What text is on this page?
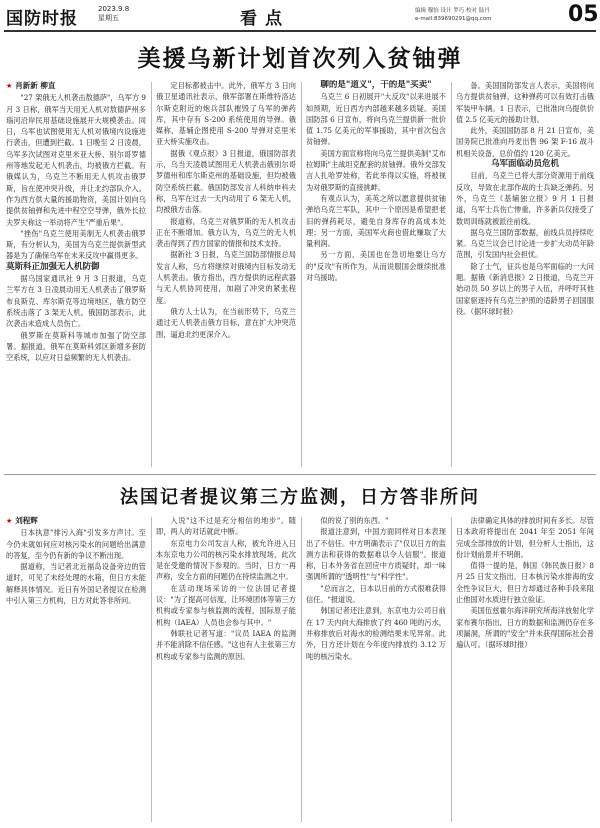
国防时报	2023.9.8
星期五	看点	编辑 穆怡 设计 罗巧 校对 陆丹
e-mail:839690291@qq.com	05
美援乌新计划首次列入贫铀弹
★ 肖新新 柳直

"27 架俄无人机袭击敖德萨"，乌军方 9 月 3 日称，俄军当天用无人机对敖德萨州多瑙河沿岸民用基础设施展开大规模袭击。同日，乌军也试图使用无人机对俄境内设施进行袭击，但遭到拦截。1 日晚至 2 日凌晨，乌军多次试图对克里米亚大桥、别尔哥罗德州等地发起无人机袭击，均被俄方拦截。有俄媒认为，乌克兰不断用无人机攻击俄罗斯，旨在使冲突升级，并让北约部队介入。作为西方供大量的援助物资，美国计划向乌提供贫铀弹和先进中程空空导弹，俄外长拉夫罗夫称这一举动将产生"严重后果"。

"挫伤"乌克兰使用美制无人机袭击俄罗斯，有分析认为，美国为乌克兰提供新型武器是为了确保乌军在未来反攻中赢得更多。

莫斯科正加强无人机防御

据乌国家通讯社 9 月 3 日报道，乌克兰军方在 3 日凌晨动用无人机袭击了俄罗斯布良斯克、库尔斯克等边境地区，俄方防空系统击落了 3 架无人机。俄国防部表示，此次袭击未造成人员伤亡。

俄罗斯在莫斯科等城市加强了防空部署。据报道，俄军在莫斯科郊区新增多套防空系统，以应对日益频繁的无人机袭击。

定目标都被击中。此外，俄军方 3 日向俄卫星通讯社表示，俄军部署在斯维特洛达尔斯克附近的炮兵部队摧毁了乌军的弹药库，其中存有 S-200 系统使用的导弹。俄媒称，基辅企图使用 S-200 导弹对克里米亚大桥实施攻击。

据俄《观点报》3 日报道，俄国防部表示，乌当天凌晨试图用无人机袭击俄别尔哥罗德州和库尔斯克州的基础设施，但均被俄防空系统拦截。俄国防部发言人科纳申科夫称，乌军在过去一天内动用了 6 架无人机，均被俄方击落。

报道称，乌克兰对俄罗斯的无人机攻击正在不断增加。俄方认为，乌克兰的无人机袭击得到了西方国家的情报和技术支持。

据新社 3 日报，乌克兰国防部情报总局发言人称，乌方将继续对俄境内目标发动无人机袭击。俄方指出，西方提供的远程武器与无人机协同使用，加剧了冲突的紧张程度。

俄方人士认为，在当前形势下，乌克兰通过无人机袭击俄方目标，意在扩大冲突范围，逼迫北约更深介入。

聊的是"道义"，干的是"买卖"

乌克兰 6 日初展开"大反攻"以来进展不如预期，近日西方内部越来越多质疑。美国国防部 6 日宣布，将向乌克兰提供新一批价值 1.75 亿美元的军事援助，其中首次包含贫铀弹。

美国方面宣称将向乌克兰提供美制"艾布拉姆斯"主战坦克配套的贫铀弹。俄外交部发言人扎哈罗娃称，若此举得以实施，将被视为对俄罗斯的直接挑衅。

有观点认为，美英之所以愿意提供贫铀弹给乌克兰军队，其中一个原因是希望把老旧的弹药耗尽，避免自身库存的高成本处理；另一方面，美国军火商也借此赚取了大量利润。

另一方面，美国也在急切地要让乌方的"反攻"有所作为，从而说服国会继续批准对乌援助。

备。美国国防部发言人表示，美国将向乌方提供贫铀弹，这种弹药可以有效打击俄军装甲车辆。1 日表示，已批准向乌提供价值 2.5 亿美元的援助计划。

此外，美国国防部 8 月 21 日宣布，美国务院已批准向丹麦出售 96 架 F-16 战斗机相关设备，总价值约 120 亿美元。

乌军面临动员危机

目前，乌克兰已将大部分资源用于前线反攻，导致在北部作战的士兵缺乏弹药。另外，乌克兰《基辅独立报》9 月 1 日报道，乌军士兵伤亡惨重，许多新兵仅接受了数周训练就被派往前线。

据乌克兰国防部数据，前线兵员持续吃紧。乌克兰议会已讨论进一步扩大动员年龄范围，引发国内社会担忧。

除了士气，征兵也是乌军面临的一大问题。据俄《新消息报》2 日报道，乌克兰开始动员 50 岁以上的男子入伍，并呼吁其他国家驱逐持有乌克兰护照的适龄男子回国服役。（据环球时报）

法国记者提议第三方监测，日方答非所问
★ 刘程辉

日本执意"排污入海"引发多方声讨。至今仍未就如何应对核污染水的问题给出满意的答复，至今仍有新的争议不断出现。

据道称，当记者北近福岛设备旁边的管道时，可见了未经处理的水箱，但日方未能解释具体情况。近日有外国记者提议在检测中引入第三方机构，日方对此答非所问。

入说"这不过是充分相信的地步"。随即，两人的对话就此中断。

东京电力公司发言人称，被允许进入日本东京电力公司的核污染水排放现场，此次是在受邀的情况下参观的。当时，日方一再声称，安全方面的问题仍在持续监测之中。

在活动现场采访的一位法国记者提议："为了提高可信度，让环境团体等第三方机构或专家参与核监测的流程，国际原子能机构（IAEA）人员也会参与其中。"

韩联社记者写道："议员 IAEA 的监测并不能消除不信任感。"这也有人主张第三方机构或专家参与监测的原因。

似的说了别的东西。"

报道注意到，中国方面同样对日本表现出了不信任。中方明确表示了"仅以日方的监测方法和获得的数据难以令人信服"。报道称，日本外务省在回应中方质疑时，却一味强调所谓的"透明性"与"科学性"。

"总而言之，日本以日前的方式很难获得信任。"报道说。

韩国记者还注意到，东京电力公司日前在 17 天内向大海排放了约 460 吨的污水，并称排放后对海水的检测结果未见异常。此外，日方还计划在今年度内排放约 3.12 万吨的核污染水。

法律确定具体的排放时间有多长。尽管日本政府将提出在 2041 年至 2051 年间完成全部排放的计划，但分析人士指出，这份计划前景并不明朗。

值得一提的是，韩国《韩民族日报》8 月 25 日发文指出，日本核污染水排海的安全性争议巨大，但日方却通过各种手段来阻止他国对水质进行独立验证。

美国伍兹霍尔海洋研究所海洋放射化学家布赛尔指出，日方的数据和监测仍存在多项漏洞，所谓的"安全"并未获得国际社会普遍认可。（据环球时报）
